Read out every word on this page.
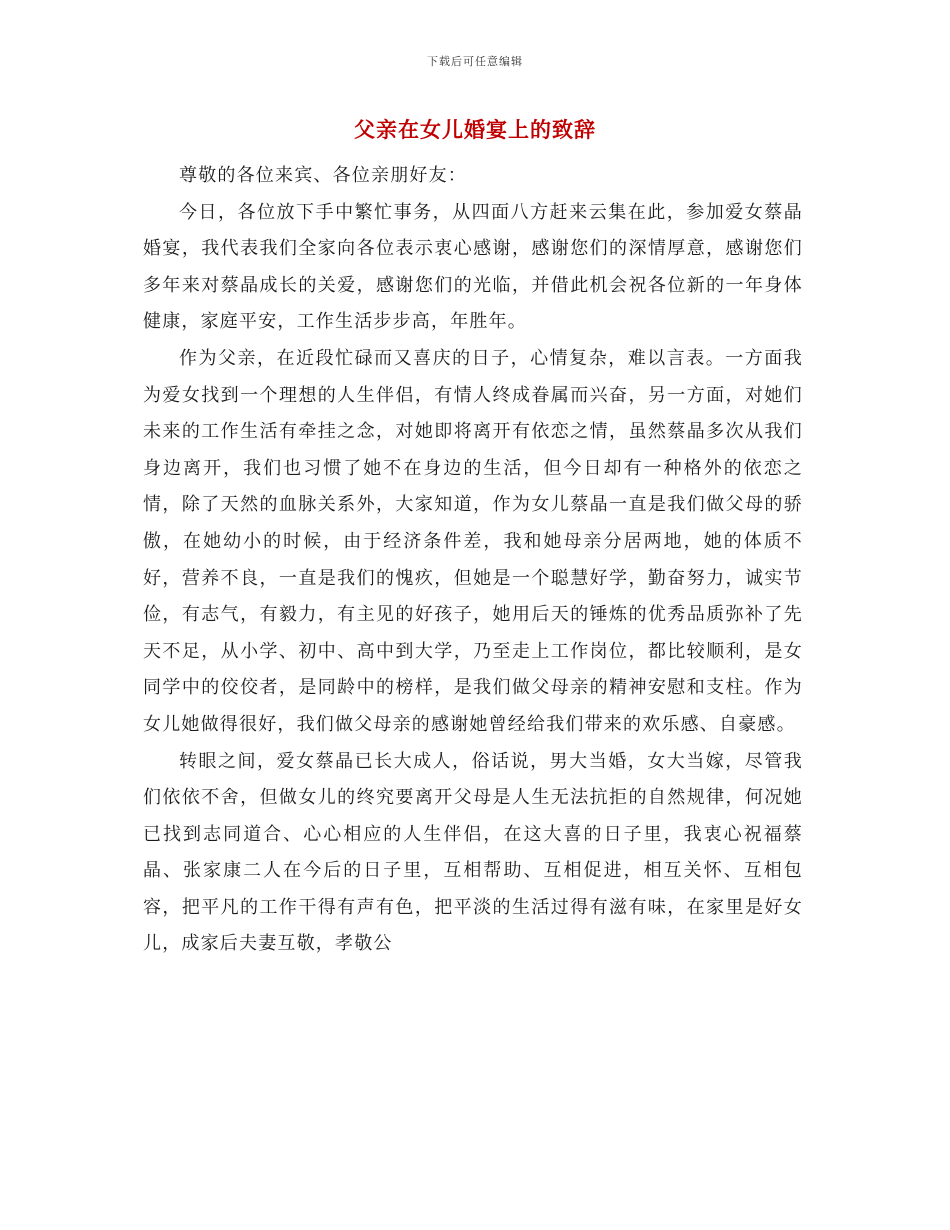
下载后可任意编辑
父亲在女儿婚宴上的致辞

尊敬的各位来宾、各位亲朋好友：

今日，各位放下手中繁忙事务，从四面八方赶来云集在此，参加爱女蔡晶婚宴，我代表我们全家向各位表示衷心感谢，感谢您们的深情厚意，感谢您们多年来对蔡晶成长的关爱，感谢您们的光临，并借此机会祝各位新的一年身体健康，家庭平安，工作生活步步高，年胜年。

作为父亲，在近段忙碌而又喜庆的日子，心情复杂，难以言表。一方面我为爱女找到一个理想的人生伴侣，有情人终成眷属而兴奋，另一方面，对她们未来的工作生活有牵挂之念，对她即将离开有依恋之情，虽然蔡晶多次从我们身边离开，我们也习惯了她不在身边的生活，但今日却有一种格外的依恋之情，除了天然的血脉关系外，大家知道，作为女儿蔡晶一直是我们做父母的骄傲，在她幼小的时候，由于经济条件差，我和她母亲分居两地，她的体质不好，营养不良，一直是我们的愧疚，但她是一个聪慧好学，勤奋努力，诚实节俭，有志气，有毅力，有主见的好孩子，她用后天的锤炼的优秀品质弥补了先天不足，从小学、初中、高中到大学，乃至走上工作岗位，都比较顺利，是女同学中的佼佼者，是同龄中的榜样，是我们做父母亲的精神安慰和支柱。作为女儿她做得很好，我们做父母亲的感谢她曾经给我们带来的欢乐感、自豪感。

转眼之间，爱女蔡晶已长大成人，俗话说，男大当婚，女大当嫁，尽管我们依依不舍，但做女儿的终究要离开父母是人生无法抗拒的自然规律，何况她已找到志同道合、心心相应的人生伴侣，在这大喜的日子里，我衷心祝福蔡晶、张家康二人在今后的日子里，互相帮助、互相促进，相互关怀、互相包容，把平凡的工作干得有声有色，把平淡的生活过得有滋有味，在家里是好女儿，成家后夫妻互敬，孝敬公
